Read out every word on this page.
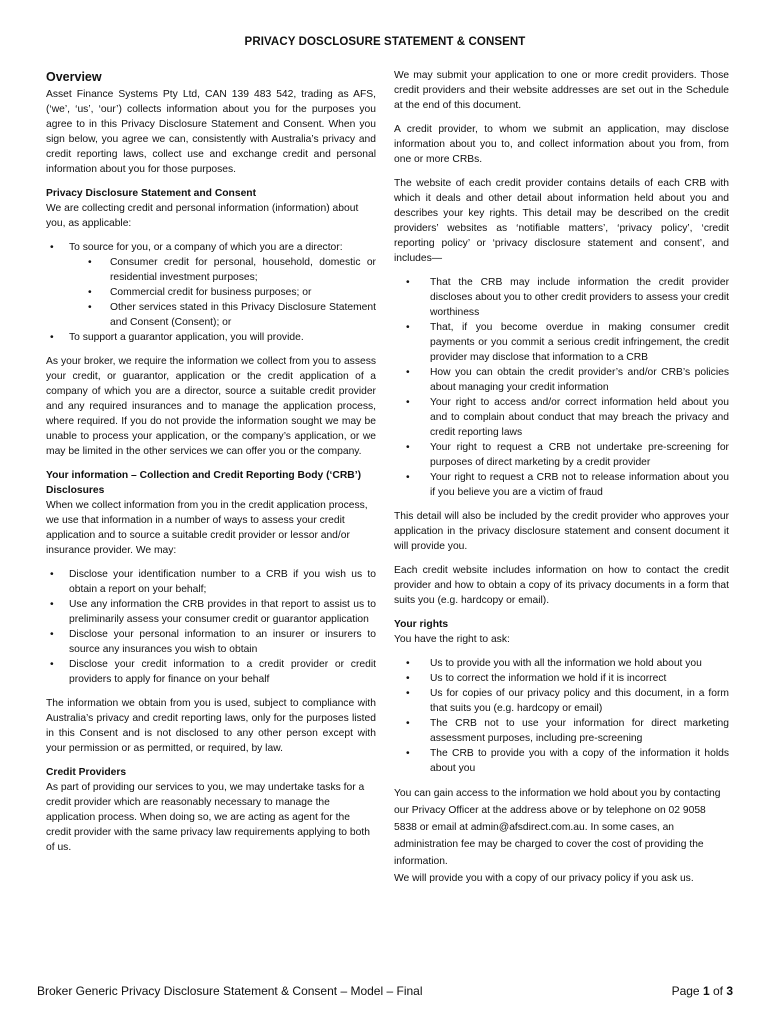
PRIVACY DOSCLOSURE STATEMENT & CONSENT
Overview

Asset Finance Systems Pty Ltd, CAN 139 483 542, trading as AFS, (‘we’, ‘us’, ‘our’) collects information about you for the purposes you agree to in this Privacy Disclosure Statement and Consent. When you sign below, you agree we can, consistently with Australia’s privacy and credit reporting laws, collect use and exchange credit and personal information about you for those purposes.

Privacy Disclosure Statement and Consent

We are collecting credit and personal information (information) about you, as applicable:

• To source for you, or a company of which you are a director:
• Consumer credit for personal, household, domestic or residential investment purposes;
• Commercial credit for business purposes; or
• Other services stated in this Privacy Disclosure Statement and Consent (Consent); or
• To support a guarantor application, you will provide.

As your broker, we require the information we collect from you to assess your credit, or guarantor, application or the credit application of a company of which you are a director, source a suitable credit provider and any required insurances and to manage the application process, where required. If you do not provide the information sought we may be unable to process your application, or the company’s application, or we may be limited in the other services we can offer you or the company.

Your information – Collection and Credit Reporting Body (‘CRB’) Disclosures

When we collect information from you in the credit application process, we use that information in a number of ways to assess your credit application and to source a suitable credit provider or lessor and/or insurance provider. We may:

• Disclose your identification number to a CRB if you wish us to obtain a report on your behalf;
• Use any information the CRB provides in that report to assist us to preliminarily assess your consumer credit or guarantor application
• Disclose your personal information to an insurer or insurers to source any insurances you wish to obtain
• Disclose your credit information to a credit provider or credit providers to apply for finance on your behalf

The information we obtain from you is used, subject to compliance with Australia’s privacy and credit reporting laws, only for the purposes listed in this Consent and is not disclosed to any other person except with your permission or as permitted, or required, by law.

Credit Providers

As part of providing our services to you, we may undertake tasks for a credit provider which are reasonably necessary to manage the application process. When doing so, we are acting as agent for the credit provider with the same privacy law requirements applying to both of us.

We may submit your application to one or more credit providers. Those credit providers and their website addresses are set out in the Schedule at the end of this document.

A credit provider, to whom we submit an application, may disclose information about you to, and collect information about you from, from one or more CRBs.

The website of each credit provider contains details of each CRB with which it deals and other detail about information held about you and describes your key rights. This detail may be described on the credit providers’ websites as ‘notifiable matters’, ‘privacy policy’, ‘credit reporting policy’ or ‘privacy disclosure statement and consent’, and includes—

• That the CRB may include information the credit provider discloses about you to other credit providers to assess your credit worthiness
• That, if you become overdue in making consumer credit payments or you commit a serious credit infringement, the credit provider may disclose that information to a CRB
• How you can obtain the credit provider’s and/or CRB’s policies about managing your credit information
• Your right to access and/or correct information held about you and to complain about conduct that may breach the privacy and credit reporting laws
• Your right to request a CRB not undertake pre-screening for purposes of direct marketing by a credit provider
• Your right to request a CRB not to release information about you if you believe you are a victim of fraud

This detail will also be included by the credit provider who approves your application in the privacy disclosure statement and consent document it will provide you.

Each credit website includes information on how to contact the credit provider and how to obtain a copy of its privacy documents in a form that suits you (e.g. hardcopy or email).

Your rights

You have the right to ask:

• Us to provide you with all the information we hold about you
• Us to correct the information we hold if it is incorrect
• Us for copies of our privacy policy and this document, in a form that suits you (e.g. hardcopy or email)
• The CRB not to use your information for direct marketing assessment purposes, including pre-screening
• The CRB to provide you with a copy of the information it holds about you

You can gain access to the information we hold about you by contacting our Privacy Officer at the address above or by telephone on 02 9058 5838 or email at admin@afsdirect.com.au. In some cases, an administration fee may be charged to cover the cost of providing the information.

We will provide you with a copy of our privacy policy if you ask us.

Broker Generic Privacy Disclosure Statement & Consent – Model – Final	Page 1 of 3
